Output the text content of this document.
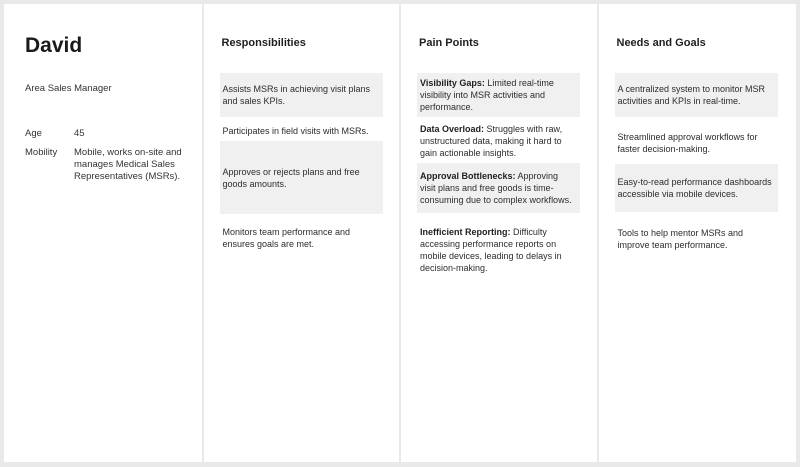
David
Area Sales Manager
Age	45
Mobility	Mobile, works on-site and manages Medical Sales Representatives (MSRs).
Responsibilities
Assists MSRs in achieving visit plans and sales KPIs.
Participates in field visits with MSRs.
Approves or rejects plans and free goods amounts.
Monitors team performance and ensures goals are met.
Pain Points
Visibility Gaps: Limited real-time visibility into MSR activities and performance.
Data Overload: Struggles with raw, unstructured data, making it hard to gain actionable insights.
Approval Bottlenecks: Approving visit plans and free goods is time-consuming due to complex workflows.
Inefficient Reporting: Difficulty accessing performance reports on mobile devices, leading to delays in decision-making.
Needs and Goals
A centralized system to monitor MSR activities and KPIs in real-time.
Streamlined approval workflows for faster decision-making.
Easy-to-read performance dashboards accessible via mobile devices.
Tools to help mentor MSRs and improve team performance.
